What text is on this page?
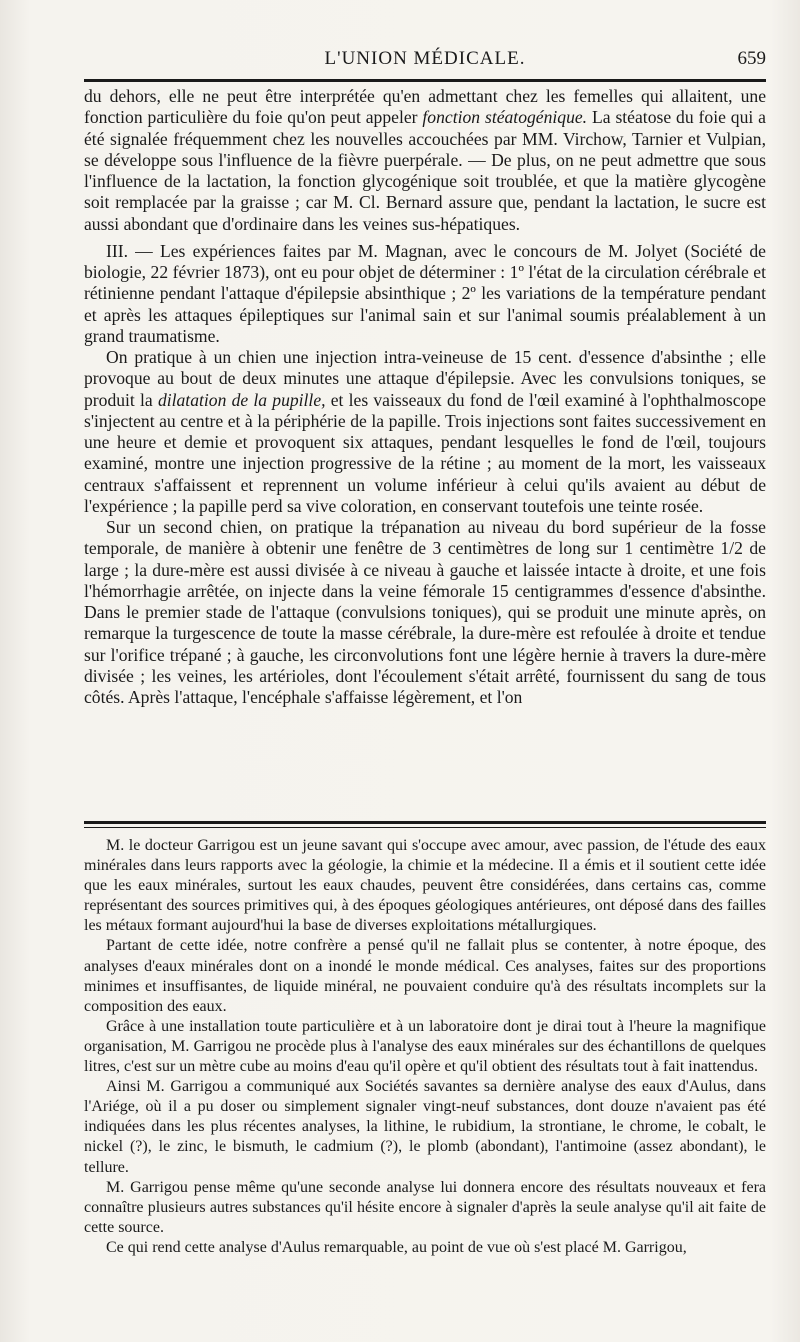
L'UNION MÉDICALE.	659

du dehors, elle ne peut être interprétée qu'en admettant chez les femelles qui allaitent, une fonction particulière du foie qu'on peut appeler fonction stéatogénique. La stéatose du foie qui a été signalée fréquemment chez les nouvelles accouchées par MM. Virchow, Tarnier et Vulpian, se développe sous l'influence de la fièvre puerpérale. — De plus, on ne peut admettre que sous l'influence de la lactation, la fonction glycogénique soit troublée, et que la matière glycogène soit remplacée par la graisse ; car M. Cl. Bernard assure que, pendant la lactation, le sucre est aussi abondant que d'ordinaire dans les veines sus-hépatiques.

III. — Les expériences faites par M. Magnan, avec le concours de M. Jolyet (Société de biologie, 22 février 1873), ont eu pour objet de déterminer : 1º l'état de la circulation cérébrale et rétinienne pendant l'attaque d'épilepsie absinthique ; 2º les variations de la température pendant et après les attaques épileptiques sur l'animal sain et sur l'animal soumis préalablement à un grand traumatisme.

On pratique à un chien une injection intra-veineuse de 15 cent. d'essence d'absinthe ; elle provoque au bout de deux minutes une attaque d'épilepsie. Avec les convulsions toniques, se produit la dilatation de la pupille, et les vaisseaux du fond de l'œil examiné à l'ophthalmoscope s'injectent au centre et à la périphérie de la papille. Trois injections sont faites successivement en une heure et demie et provoquent six attaques, pendant lesquelles le fond de l'œil, toujours examiné, montre une injection progressive de la rétine ; au moment de la mort, les vaisseaux centraux s'affaissent et reprennent un volume inférieur à celui qu'ils avaient au début de l'expérience ; la papille perd sa vive coloration, en conservant toutefois une teinte rosée.

Sur un second chien, on pratique la trépanation au niveau du bord supérieur de la fosse temporale, de manière à obtenir une fenêtre de 3 centimètres de long sur 1 centimètre 1/2 de large ; la dure-mère est aussi divisée à ce niveau à gauche et laissée intacte à droite, et une fois l'hémorrhagie arrêtée, on injecte dans la veine fémorale 15 centigrammes d'essence d'absinthe. Dans le premier stade de l'attaque (convulsions toniques), qui se produit une minute après, on remarque la turgescence de toute la masse cérébrale, la dure-mère est refoulée à droite et tendue sur l'orifice trépané ; à gauche, les circonvolutions font une légère hernie à travers la dure-mère divisée ; les veines, les artérioles, dont l'écoulement s'était arrêté, fournissent du sang de tous côtés. Après l'attaque, l'encéphale s'affaisse légèrement, et l'on

M. le docteur Garrigou est un jeune savant qui s'occupe avec amour, avec passion, de l'étude des eaux minérales dans leurs rapports avec la géologie, la chimie et la médecine. Il a émis et il soutient cette idée que les eaux minérales, surtout les eaux chaudes, peuvent être considérées, dans certains cas, comme représentant des sources primitives qui, à des époques géologiques antérieures, ont déposé dans des failles les métaux formant aujourd'hui la base de diverses exploitations métallurgiques.

Partant de cette idée, notre confrère a pensé qu'il ne fallait plus se contenter, à notre époque, des analyses d'eaux minérales dont on a inondé le monde médical. Ces analyses, faites sur des proportions minimes et insuffisantes, de liquide minéral, ne pouvaient conduire qu'à des résultats incomplets sur la composition des eaux.

Grâce à une installation toute particulière et à un laboratoire dont je dirai tout à l'heure la magnifique organisation, M. Garrigou ne procède plus à l'analyse des eaux minérales sur des échantillons de quelques litres, c'est sur un mètre cube au moins d'eau qu'il opère et qu'il obtient des résultats tout à fait inattendus.

Ainsi M. Garrigou a communiqué aux Sociétés savantes sa dernière analyse des eaux d'Aulus, dans l'Ariége, où il a pu doser ou simplement signaler vingt-neuf substances, dont douze n'avaient pas été indiquées dans les plus récentes analyses, la lithine, le rubidium, la strontiane, le chrome, le cobalt, le nickel (?), le zinc, le bismuth, le cadmium (?), le plomb (abondant), l'antimoine (assez abondant), le tellure.

M. Garrigou pense même qu'une seconde analyse lui donnera encore des résultats nouveaux et fera connaître plusieurs autres substances qu'il hésite encore à signaler d'après la seule analyse qu'il ait faite de cette source.

Ce qui rend cette analyse d'Aulus remarquable, au point de vue où s'est placé M. Garrigou,
